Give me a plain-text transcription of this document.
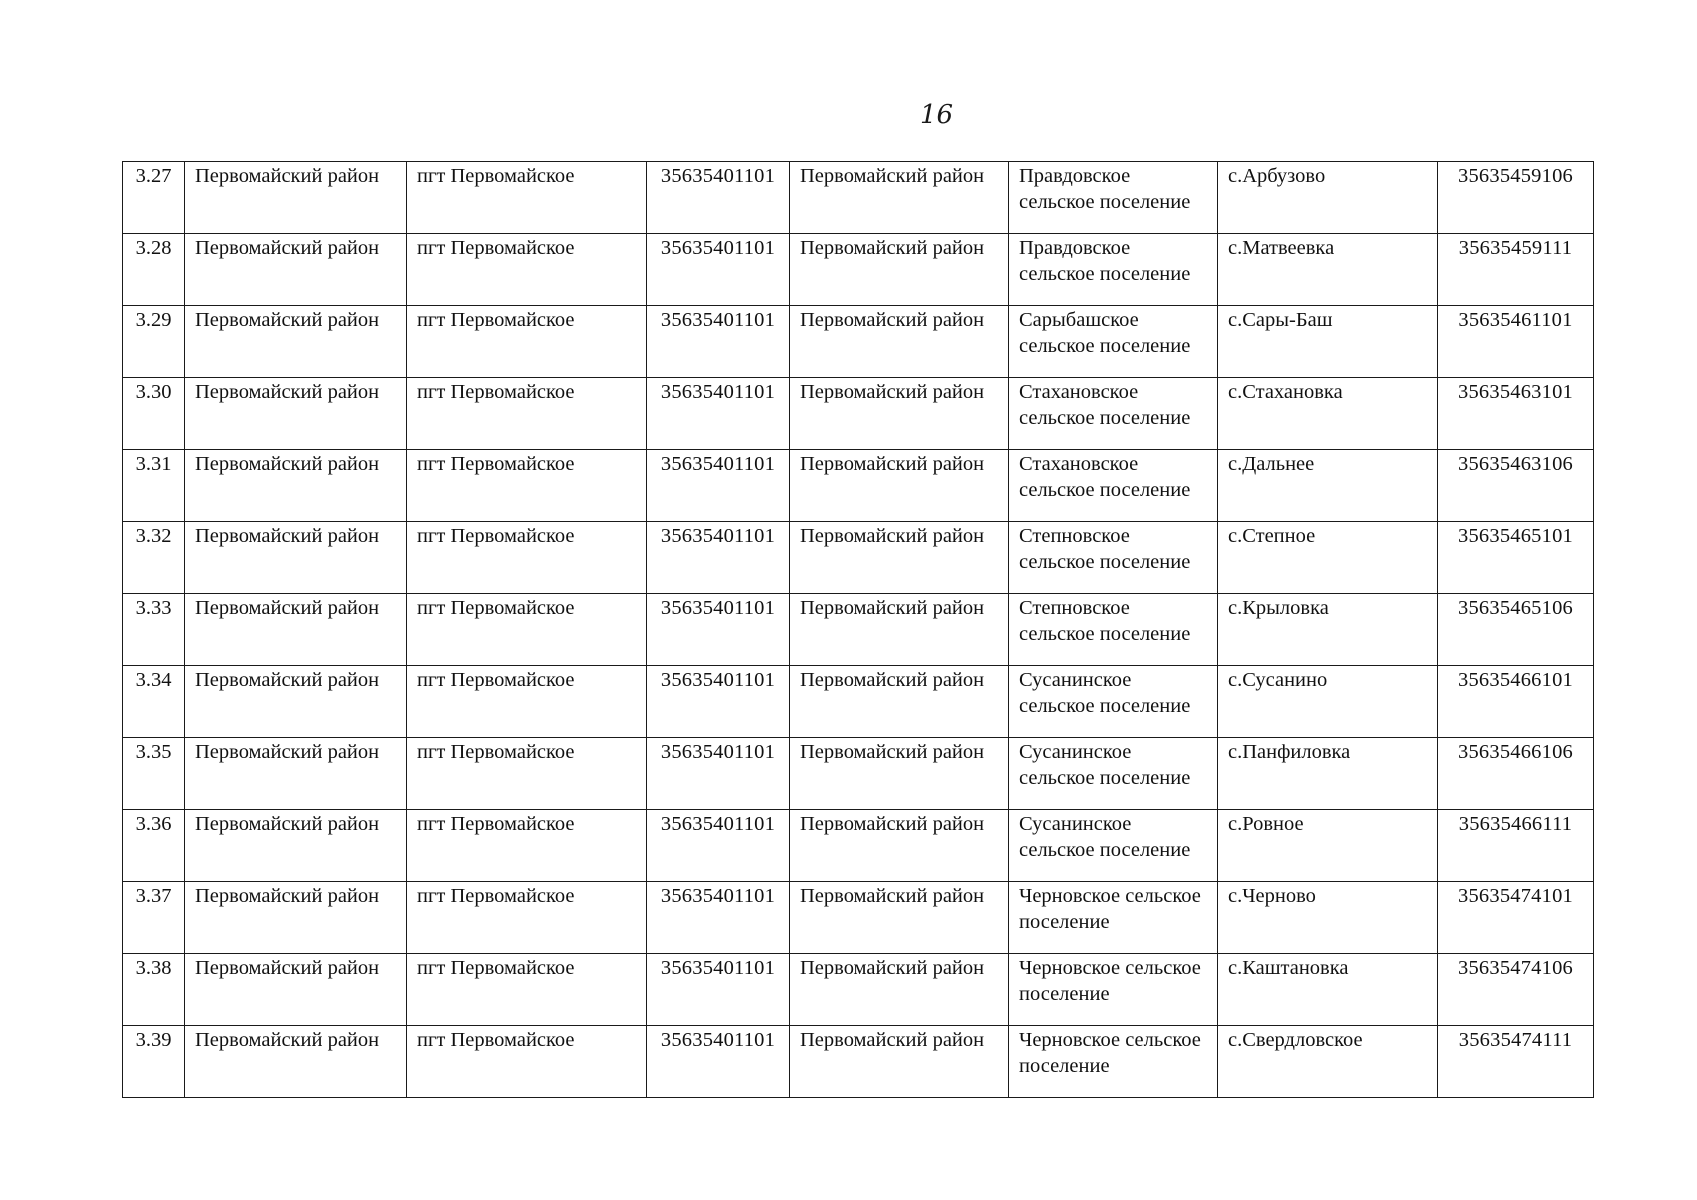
16
3.27	Первомайский район	пгт Первомайское	35635401101	Первомайский район	Правдовское сельское поселение	с.Арбузово	35635459106

3.28	Первомайский район	пгт Первомайское	35635401101	Первомайский район	Правдовское сельское поселение	с.Матвеевка	35635459111

3.29	Первомайский район	пгт Первомайское	35635401101	Первомайский район	Сарыбашское сельское поселение	с.Сары-Баш	35635461101

3.30	Первомайский район	пгт Первомайское	35635401101	Первомайский район	Стахановское сельское поселение	с.Стахановка	35635463101

3.31	Первомайский район	пгт Первомайское	35635401101	Первомайский район	Стахановское сельское поселение	с.Дальнее	35635463106

3.32	Первомайский район	пгт Первомайское	35635401101	Первомайский район	Степновское сельское поселение	с.Степное	35635465101

3.33	Первомайский район	пгт Первомайское	35635401101	Первомайский район	Степновское сельское поселение	с.Крыловка	35635465106

3.34	Первомайский район	пгт Первомайское	35635401101	Первомайский район	Сусанинское сельское поселение	с.Сусанино	35635466101

3.35	Первомайский район	пгт Первомайское	35635401101	Первомайский район	Сусанинское сельское поселение	с.Панфиловка	35635466106

3.36	Первомайский район	пгт Первомайское	35635401101	Первомайский район	Сусанинское сельское поселение	с.Ровное	35635466111

3.37	Первомайский район	пгт Первомайское	35635401101	Первомайский район	Черновское сельское поселение	с.Черново	35635474101

3.38	Первомайский район	пгт Первомайское	35635401101	Первомайский район	Черновское сельское поселение	с.Каштановка	35635474106

3.39	Первомайский район	пгт Первомайское	35635401101	Первомайский район	Черновское сельское поселение	с.Свердловское	35635474111
